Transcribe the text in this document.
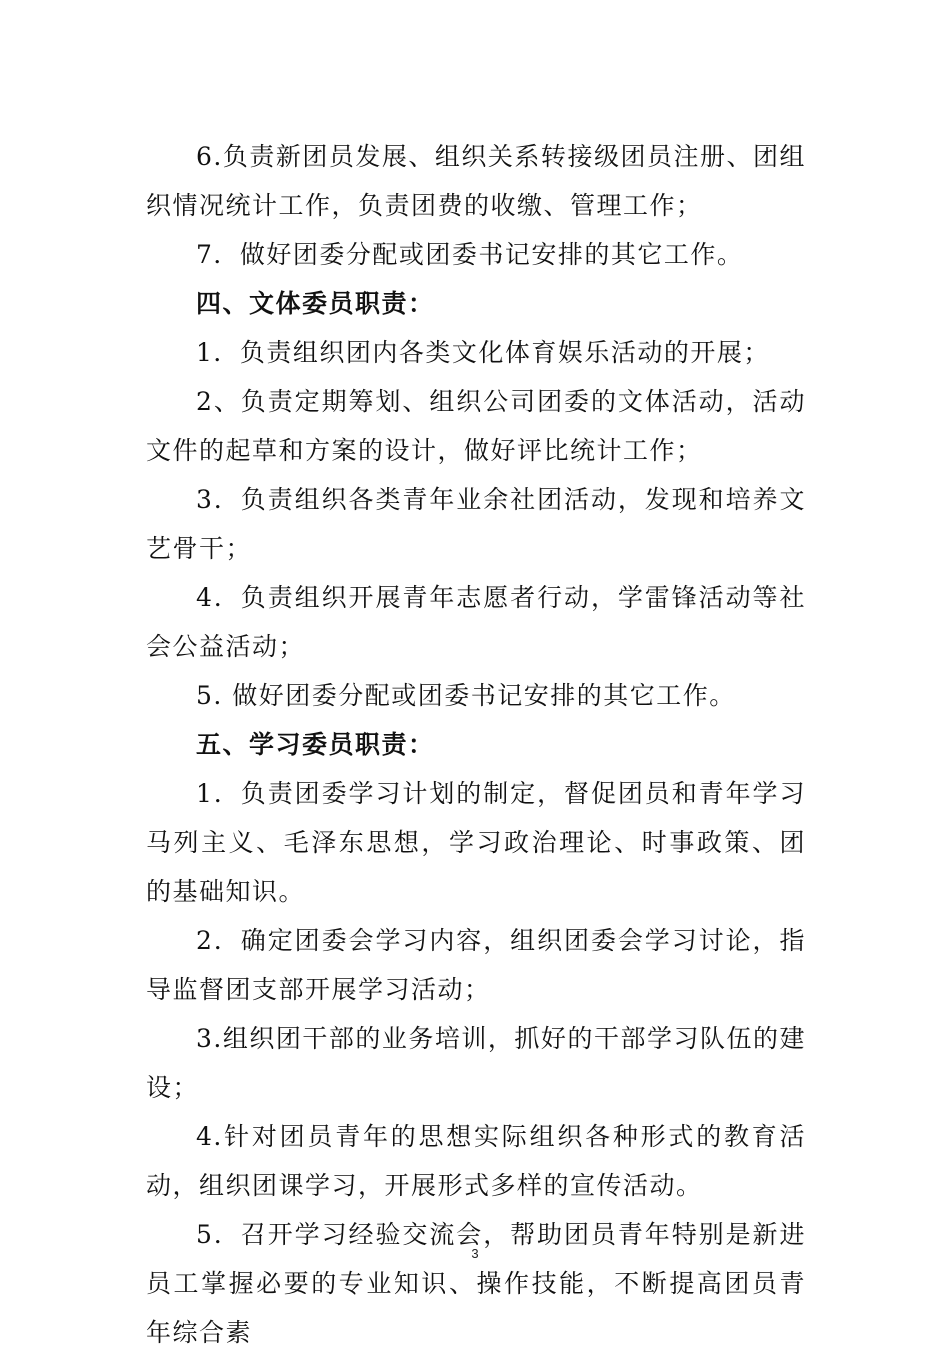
6.负责新团员发展、组织关系转接级团员注册、团组织情况统计工作，负责团费的收缴、管理工作；

7．做好团委分配或团委书记安排的其它工作。

四、文体委员职责：

1．负责组织团内各类文化体育娱乐活动的开展；

2、负责定期筹划、组织公司团委的文体活动，活动文件的起草和方案的设计，做好评比统计工作；

3．负责组织各类青年业余社团活动，发现和培养文艺骨干；

4．负责组织开展青年志愿者行动，学雷锋活动等社会公益活动；

5. 做好团委分配或团委书记安排的其它工作。

五、学习委员职责：

1．负责团委学习计划的制定，督促团员和青年学习马列主义、毛泽东思想，学习政治理论、时事政策、团的基础知识。

2．确定团委会学习内容，组织团委会学习讨论，指导监督团支部开展学习活动；

3.组织团干部的业务培训，抓好的干部学习队伍的建设；

4.针对团员青年的思想实际组织各种形式的教育活动，组织团课学习，开展形式多样的宣传活动。

5．召开学习经验交流会，帮助团员青年特别是新进员工掌握必要的专业知识、操作技能，不断提高团员青年综合素

3
